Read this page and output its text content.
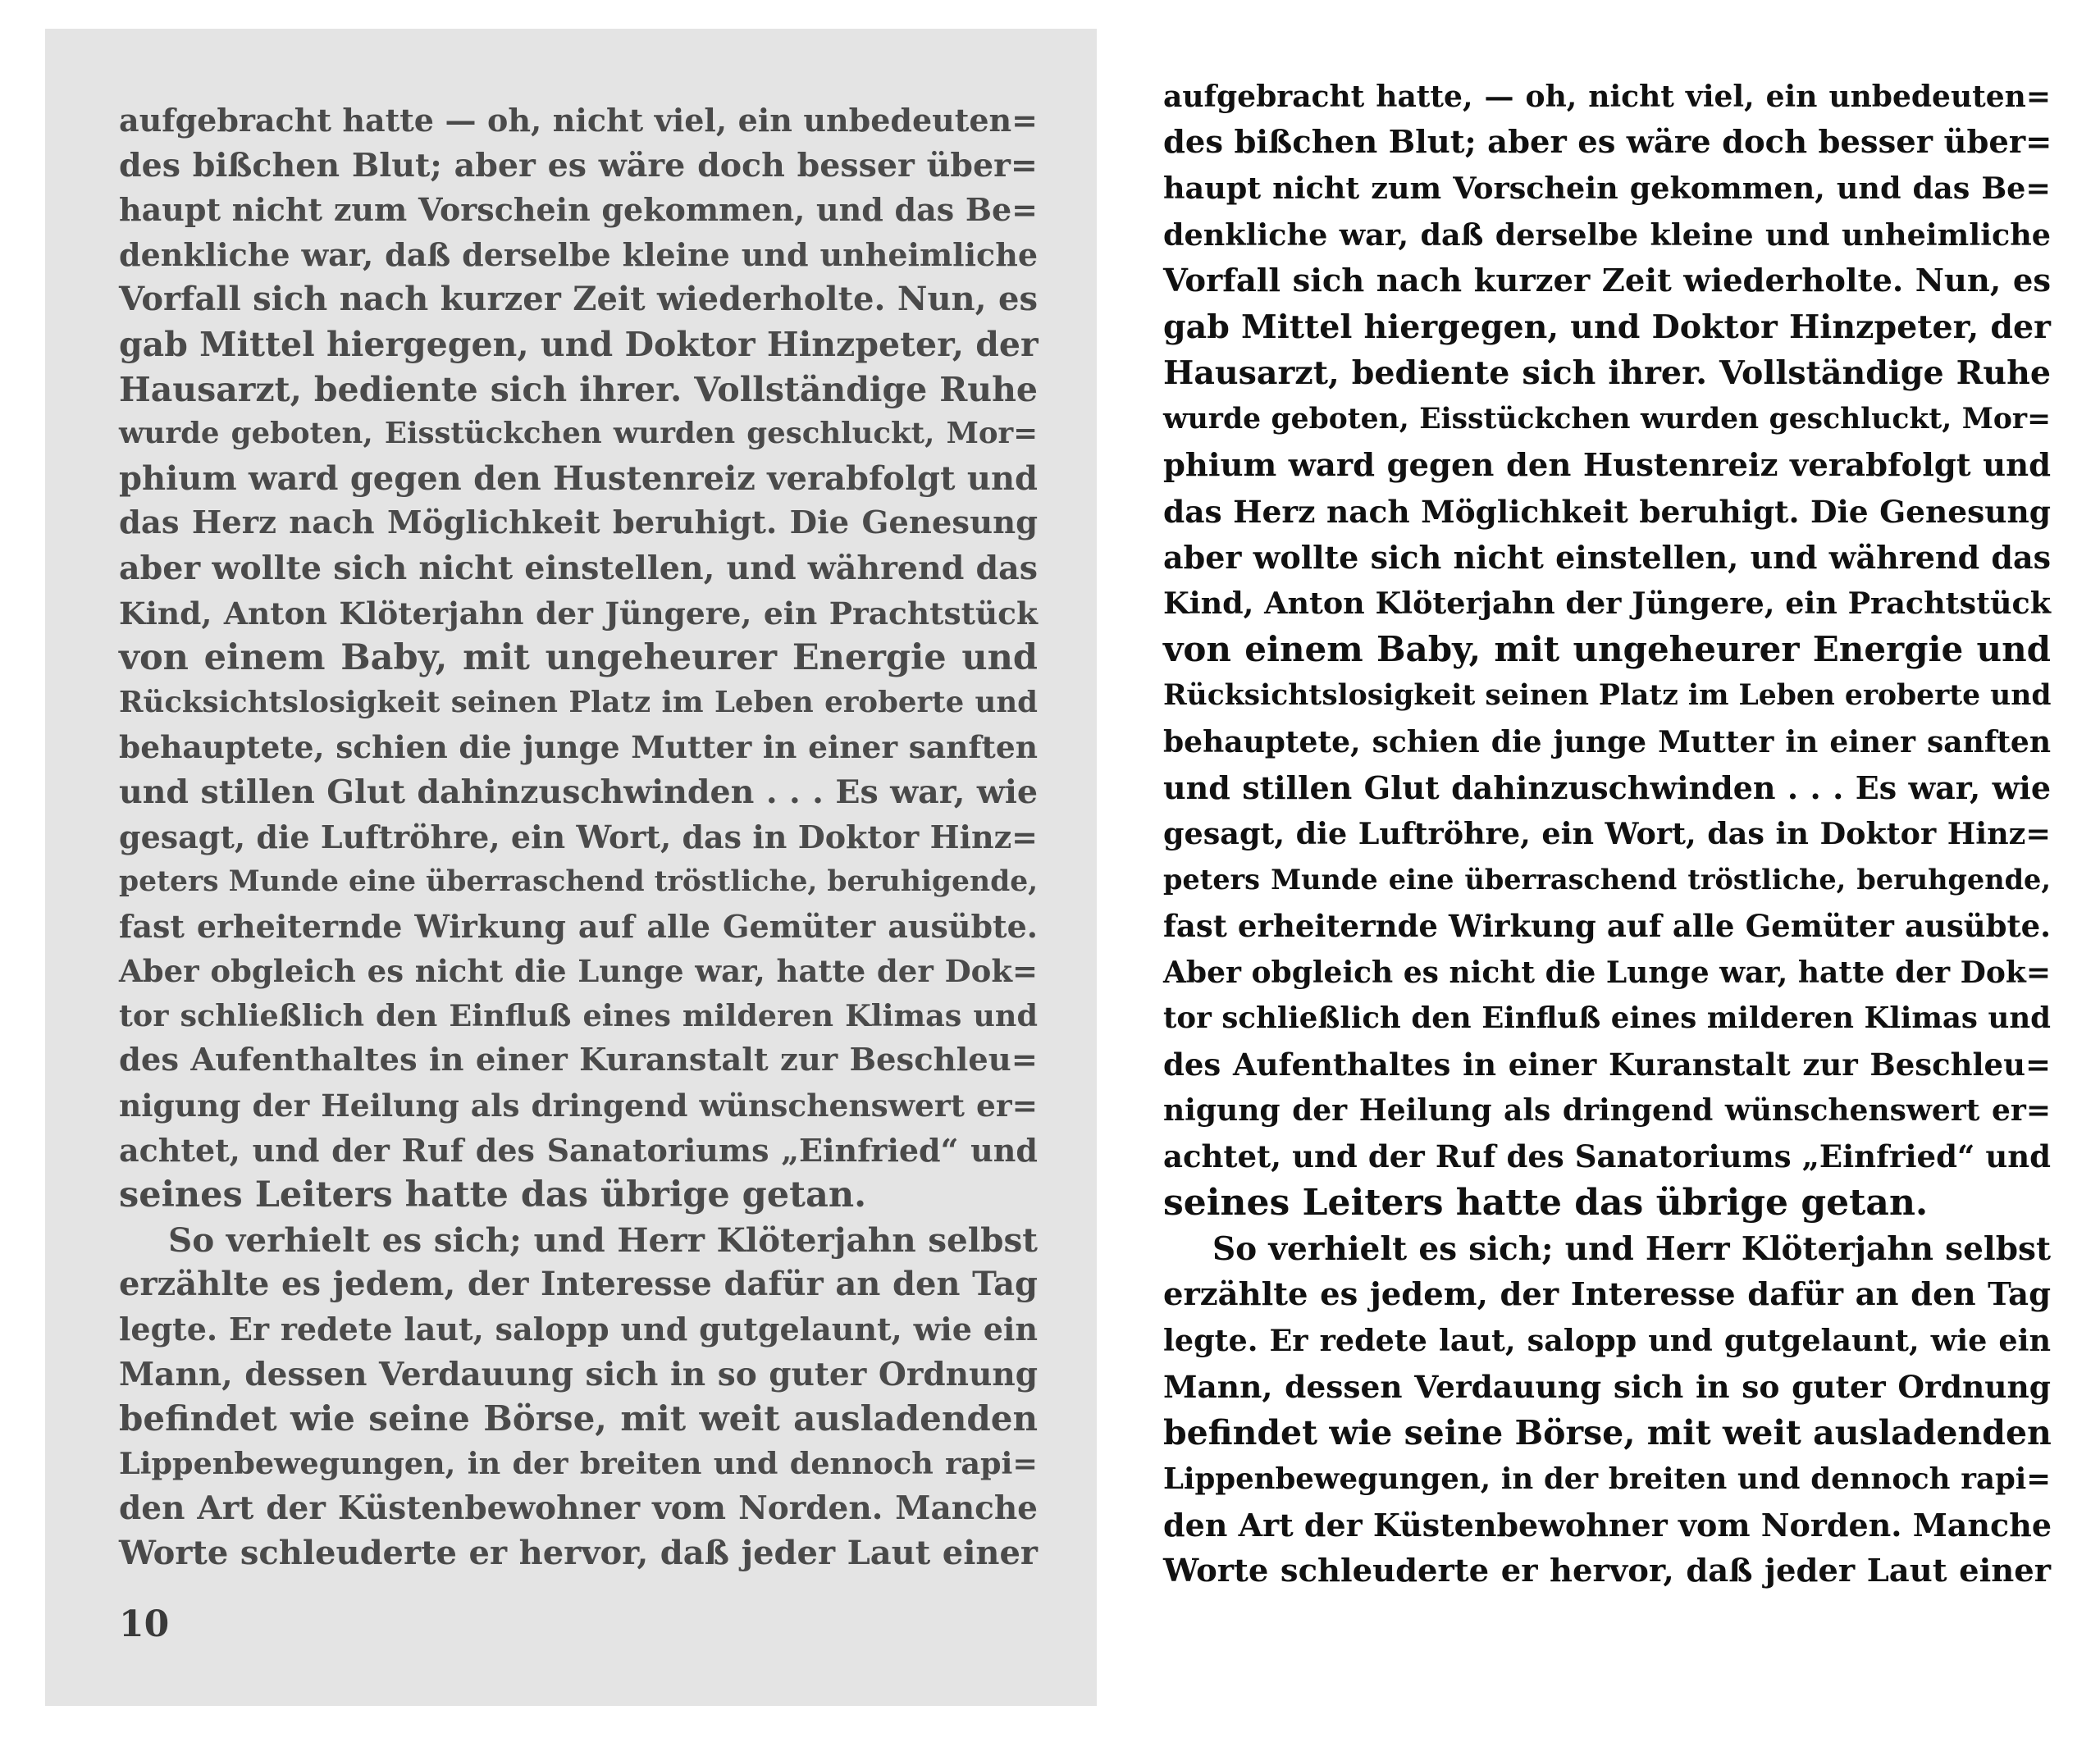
aufgebracht hatte — oh, nicht viel, ein unbedeuten=
des bißchen Blut; aber es wäre doch besser über=
haupt nicht zum Vorschein gekommen, und das Be=
denkliche war, daß derselbe kleine und unheimliche
Vorfall sich nach kurzer Zeit wiederholte. Nun, es
gab Mittel hiergegen, und Doktor Hinzpeter, der
Hausarzt, bediente sich ihrer. Vollständige Ruhe
wurde geboten, Eisstückchen wurden geschluckt, Mor=
phium ward gegen den Hustenreiz verabfolgt und
das Herz nach Möglichkeit beruhigt. Die Genesung
aber wollte sich nicht einstellen, und während das
Kind, Anton Klöterjahn der Jüngere, ein Prachtstück
von einem Baby, mit ungeheurer Energie und
Rücksichtslosigkeit seinen Platz im Leben eroberte und
behauptete, schien die junge Mutter in einer sanften
und stillen Glut dahinzuschwinden . . . Es war, wie
gesagt, die Luftröhre, ein Wort, das in Doktor Hinz=
peters Munde eine überraschend tröstliche, beruhigende,
fast erheiternde Wirkung auf alle Gemüter ausübte.
Aber obgleich es nicht die Lunge war, hatte der Dok=
tor schließlich den Einfluß eines milderen Klimas und
des Aufenthaltes in einer Kuranstalt zur Beschleu=
nigung der Heilung als dringend wünschenswert er=
achtet, und der Ruf des Sanatoriums „Einfried“ und
seines Leiters hatte das übrige getan.
So verhielt es sich; und Herr Klöterjahn selbst
erzählte es jedem, der Interesse dafür an den Tag
legte. Er redete laut, salopp und gutgelaunt, wie ein
Mann, dessen Verdauung sich in so guter Ordnung
befindet wie seine Börse, mit weit ausladenden
Lippenbewegungen, in der breiten und dennoch rapi=
den Art der Küstenbewohner vom Norden. Manche
Worte schleuderte er hervor, daß jeder Laut einer
10
aufgebracht hatte, — oh, nicht viel, ein unbedeuten=
des bißchen Blut; aber es wäre doch besser über=
haupt nicht zum Vorschein gekommen, und das Be=
denkliche war, daß derselbe kleine und unheimliche
Vorfall sich nach kurzer Zeit wiederholte. Nun, es
gab Mittel hiergegen, und Doktor Hinzpeter, der
Hausarzt, bediente sich ihrer. Vollständige Ruhe
wurde geboten, Eisstückchen wurden geschluckt, Mor=
phium ward gegen den Hustenreiz verabfolgt und
das Herz nach Möglichkeit beruhigt. Die Genesung
aber wollte sich nicht einstellen, und während das
Kind, Anton Klöterjahn der Jüngere, ein Prachtstück
von einem Baby, mit ungeheurer Energie und
Rücksichtslosigkeit seinen Platz im Leben eroberte und
behauptete, schien die junge Mutter in einer sanften
und stillen Glut dahinzuschwinden . . . Es war, wie
gesagt, die Luftröhre, ein Wort, das in Doktor Hinz=
peters Munde eine überraschend tröstliche, beruhgende,
fast erheiternde Wirkung auf alle Gemüter ausübte.
Aber obgleich es nicht die Lunge war, hatte der Dok=
tor schließlich den Einfluß eines milderen Klimas und
des Aufenthaltes in einer Kuranstalt zur Beschleu=
nigung der Heilung als dringend wünschenswert er=
achtet, und der Ruf des Sanatoriums „Einfried“ und
seines Leiters hatte das übrige getan.
So verhielt es sich; und Herr Klöterjahn selbst
erzählte es jedem, der Interesse dafür an den Tag
legte. Er redete laut, salopp und gutgelaunt, wie ein
Mann, dessen Verdauung sich in so guter Ordnung
befindet wie seine Börse, mit weit ausladenden
Lippenbewegungen, in der breiten und dennoch rapi=
den Art der Küstenbewohner vom Norden. Manche
Worte schleuderte er hervor, daß jeder Laut einer
